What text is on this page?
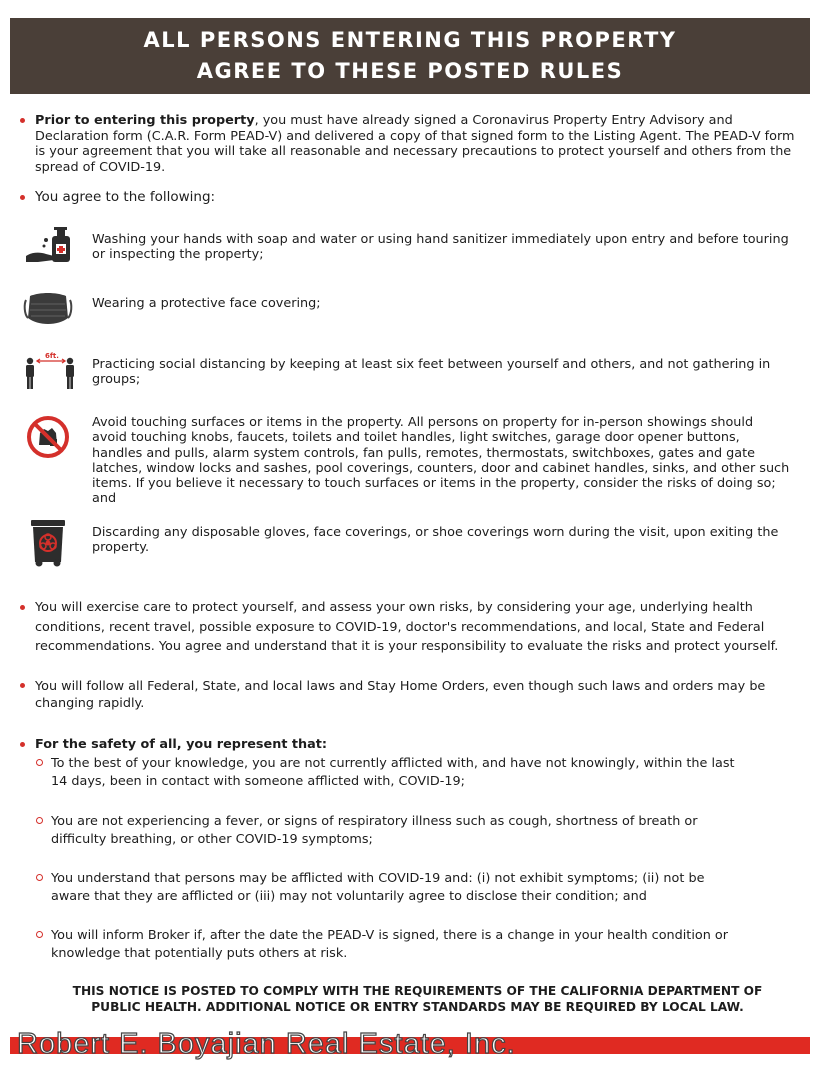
ALL PERSONS ENTERING THIS PROPERTY
AGREE TO THESE POSTED RULES
Prior to entering this property, you must have already signed a Coronavirus Property Entry Advisory and Declaration form (C.A.R. Form PEAD-V) and delivered a copy of that signed form to the Listing Agent. The PEAD-V form is your agreement that you will take all reasonable and necessary precautions to protect yourself and others from the spread of COVID-19.
You agree to the following:
Washing your hands with soap and water or using hand sanitizer immediately upon entry and before touring or inspecting the property;
Wearing a protective face covering;
6ft.
Practicing social distancing by keeping at least six feet between yourself and others, and not gathering in groups;
Avoid touching surfaces or items in the property. All persons on property for in-person showings should avoid touching knobs, faucets, toilets and toilet handles, light switches, garage door opener buttons, handles and pulls, alarm system controls, fan pulls, remotes, thermostats, switchboxes, gates and gate latches, window locks and sashes, pool coverings, counters, door and cabinet handles, sinks, and other such items. If you believe it necessary to touch surfaces or items in the property, consider the risks of doing so; and
Discarding any disposable gloves, face coverings, or shoe coverings worn during the visit, upon exiting the property.
You will exercise care to protect yourself, and assess your own risks, by considering your age, underlying health conditions, recent travel, possible exposure to COVID-19, doctor's recommendations, and local, State and Federal recommendations. You agree and understand that it is your responsibility to evaluate the risks and protect yourself.
You will follow all Federal, State, and local laws and Stay Home Orders, even though such laws and orders may be changing rapidly.
For the safety of all, you represent that:
To the best of your knowledge, you are not currently afflicted with, and have not knowingly, within the last 14 days, been in contact with someone afflicted with, COVID-19;
You are not experiencing a fever, or signs of respiratory illness such as cough, shortness of breath or difficulty breathing, or other COVID-19 symptoms;
You understand that persons may be afflicted with COVID-19 and: (i) not exhibit symptoms; (ii) not be aware that they are afflicted or (iii) may not voluntarily agree to disclose their condition; and
You will inform Broker if, after the date the PEAD-V is signed, there is a change in your health condition or knowledge that potentially puts others at risk.
THIS NOTICE IS POSTED TO COMPLY WITH THE REQUIREMENTS OF THE CALIFORNIA DEPARTMENT OF PUBLIC HEALTH. ADDITIONAL NOTICE OR ENTRY STANDARDS MAY BE REQUIRED BY LOCAL LAW.
Robert E. Boyajian Real Estate, Inc.
